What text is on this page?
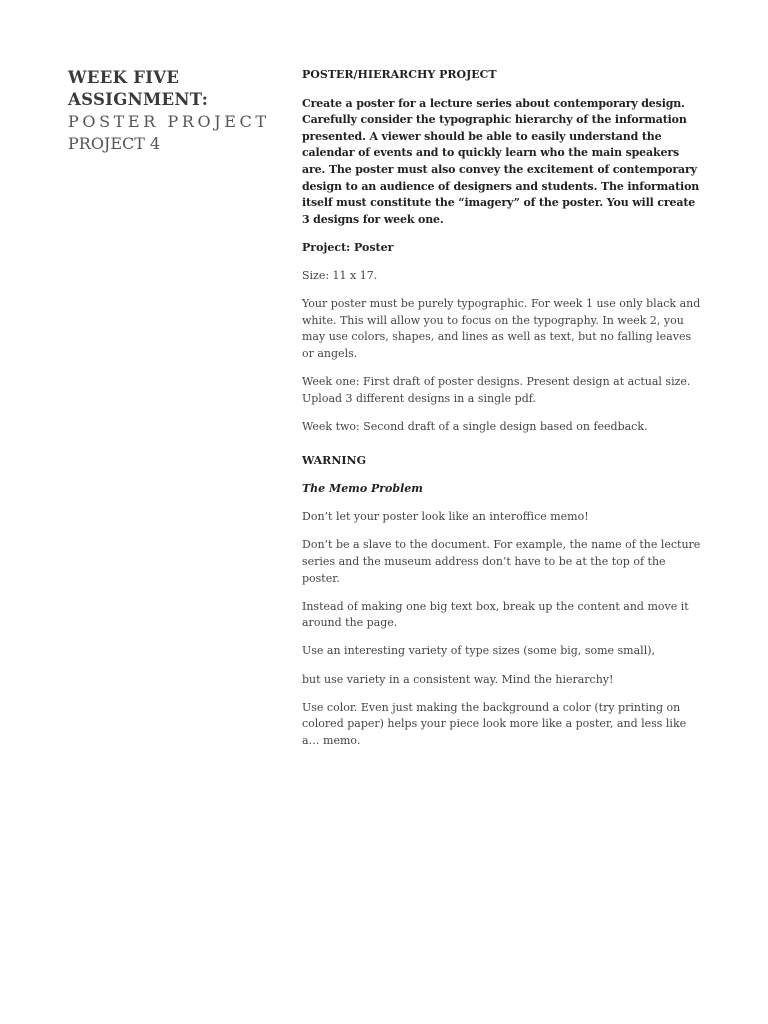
WEEK FIVE
ASSIGNMENT:
POSTER PROJECT
PROJECT 4

POSTER/HIERARCHY PROJECT

Create a poster for a lecture series about contemporary design. Carefully consider the typographic hierarchy of the information presented. A viewer should be able to easily understand the calendar of events and to quickly learn who the main speakers are. The poster must also convey the excitement of contemporary design to an audience of designers and students. The information itself must constitute the “imagery” of the poster. You will create 3 designs for week one.

Project: Poster

Size: 11 x 17.

Your poster must be purely typographic. For week 1 use only black and white. This will allow you to focus on the typography. In week 2, you may use colors, shapes, and lines as well as text, but no falling leaves or angels.

Week one: First draft of poster designs. Present design at actual size. Upload 3 different designs in a single pdf.

Week two: Second draft of a single design based on feedback.

WARNING

The Memo Problem

Don’t let your poster look like an interoffice memo!

Don’t be a slave to the document. For example, the name of the lecture series and the museum address don’t have to be at the top of the poster.

Instead of making one big text box, break up the content and move it around the page.

Use an interesting variety of type sizes (some big, some small),

but use variety in a consistent way. Mind the hierarchy!

Use color. Even just making the background a color (try printing on colored paper) helps your piece look more like a poster, and less like a… memo.
